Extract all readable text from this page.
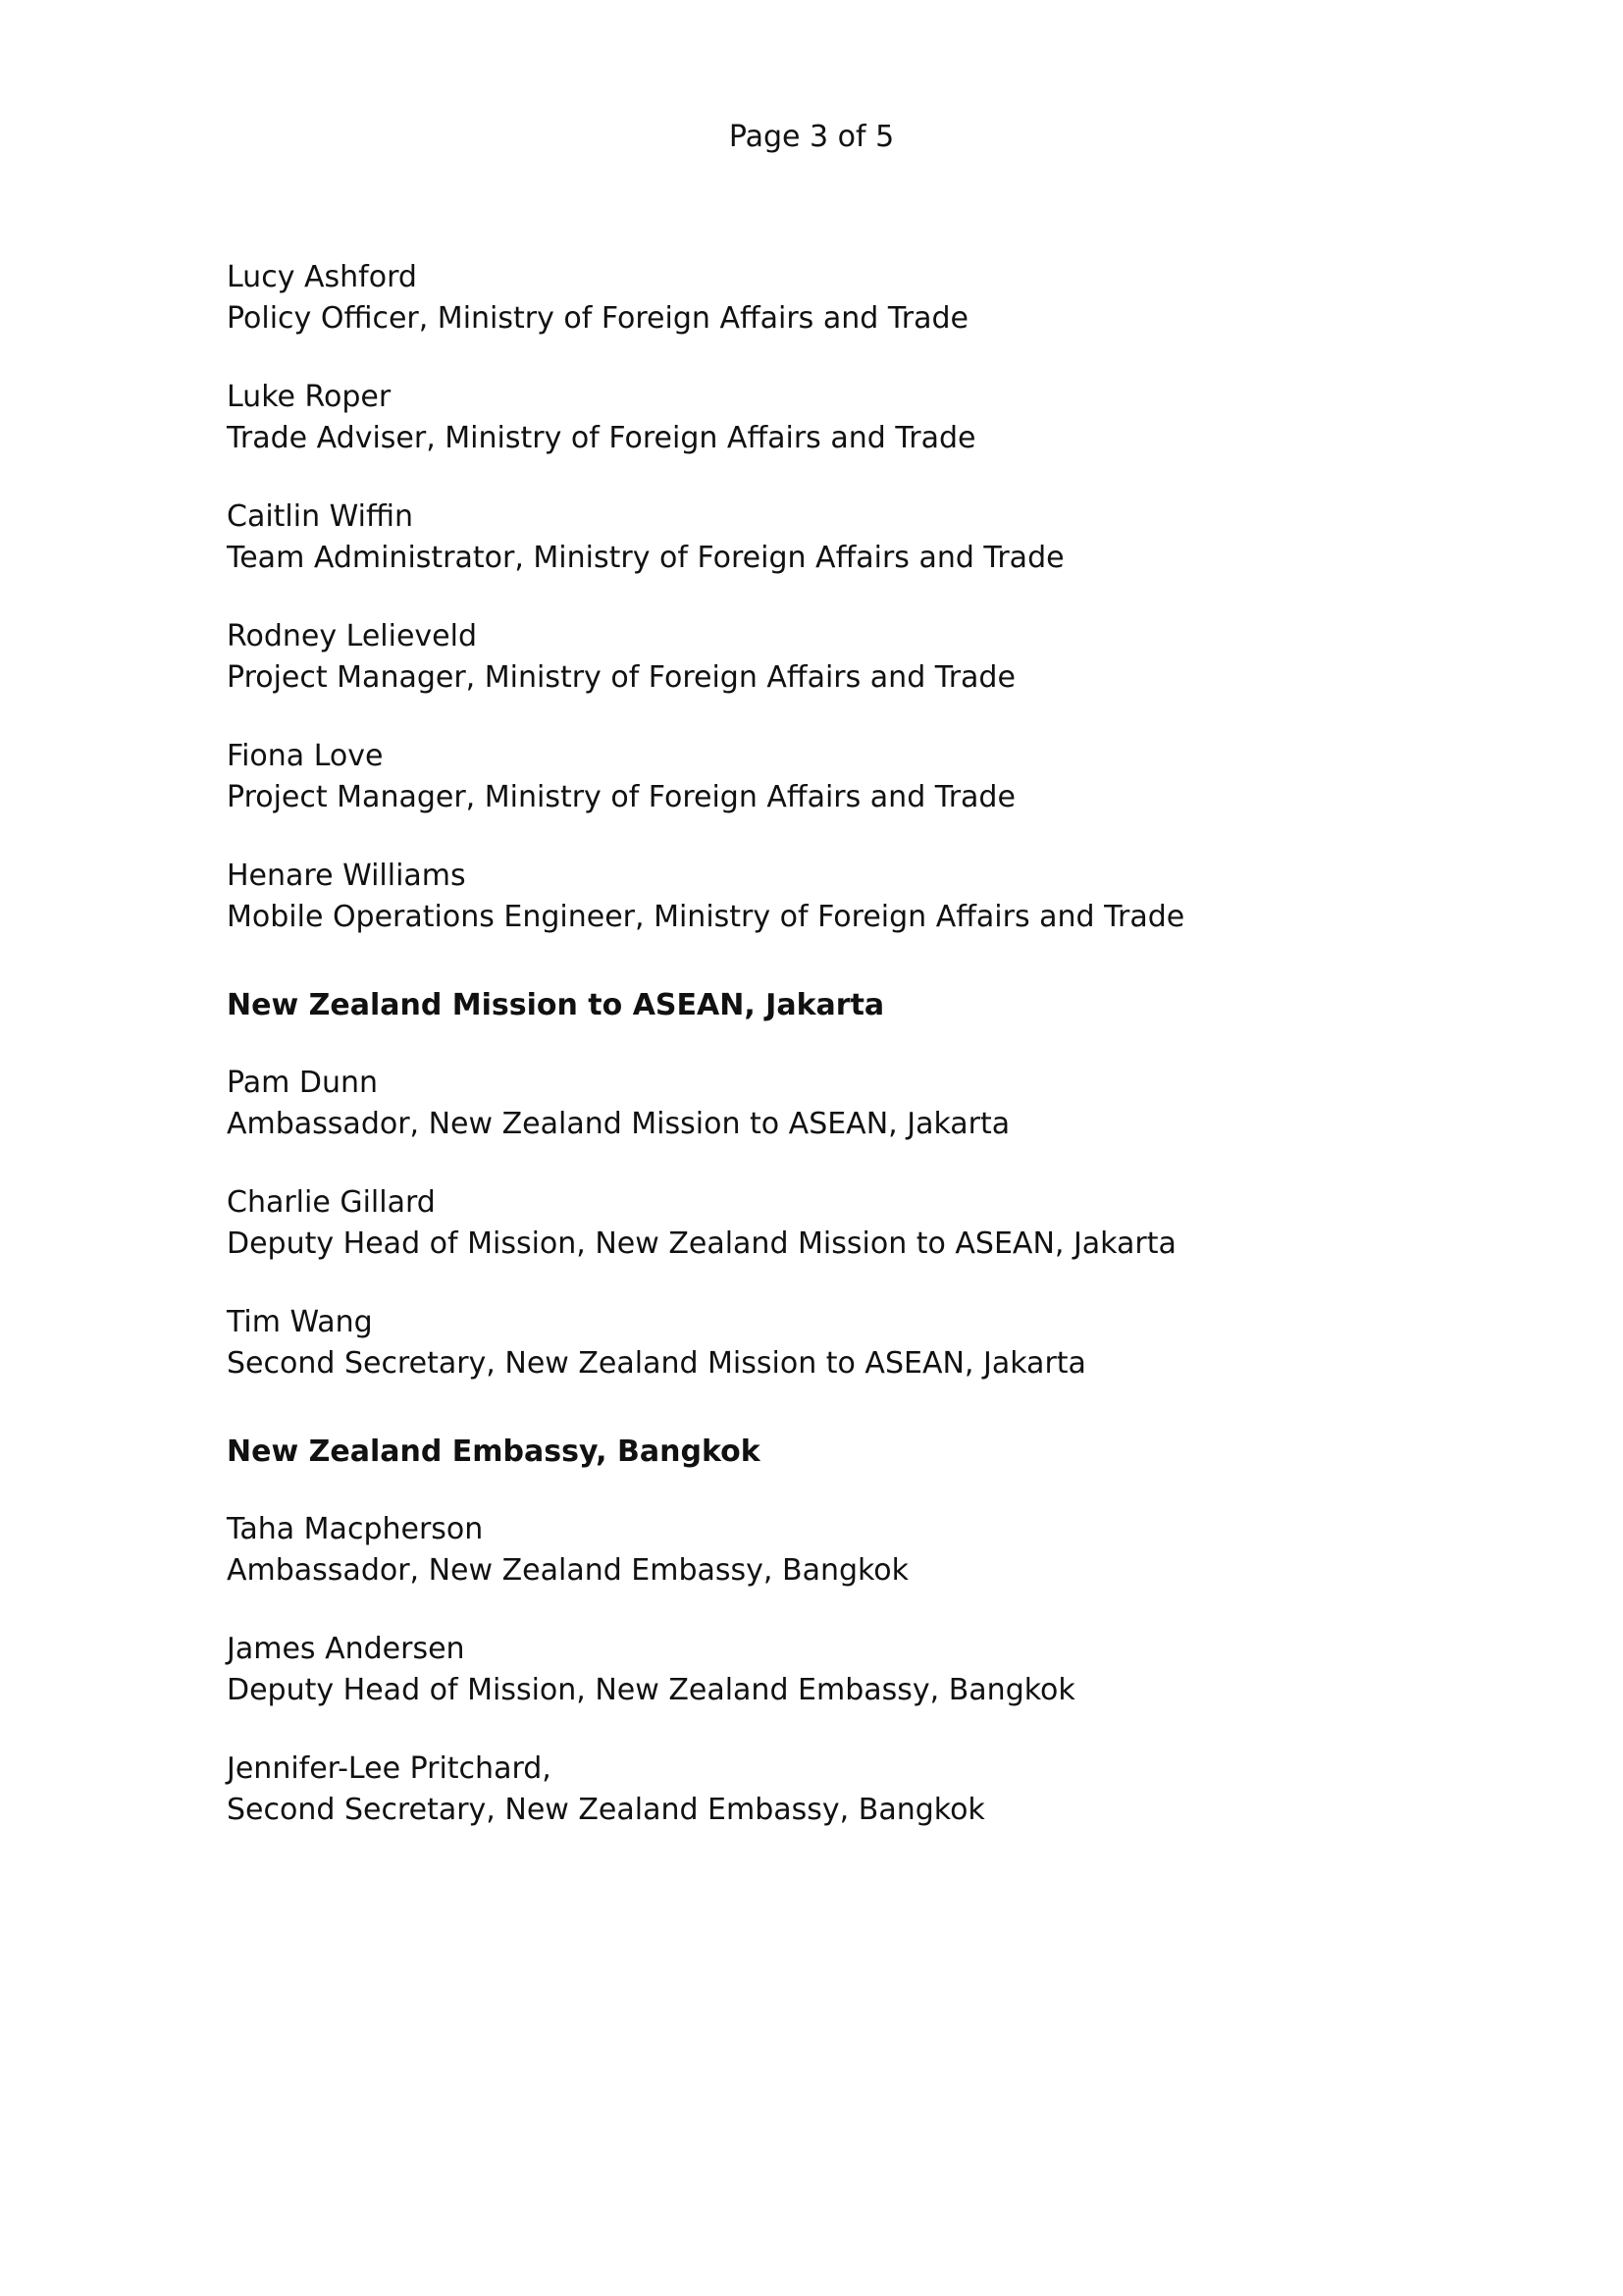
Page 3 of 5
Lucy Ashford
Policy Officer, Ministry of Foreign Affairs and Trade
Luke Roper
Trade Adviser, Ministry of Foreign Affairs and Trade
Caitlin Wiffin
Team Administrator, Ministry of Foreign Affairs and Trade
Rodney Lelieveld
Project Manager, Ministry of Foreign Affairs and Trade
Fiona Love
Project Manager, Ministry of Foreign Affairs and Trade
Henare Williams
Mobile Operations Engineer, Ministry of Foreign Affairs and Trade
New Zealand Mission to ASEAN, Jakarta
Pam Dunn
Ambassador, New Zealand Mission to ASEAN, Jakarta
Charlie Gillard
Deputy Head of Mission, New Zealand Mission to ASEAN, Jakarta
Tim Wang
Second Secretary, New Zealand Mission to ASEAN, Jakarta
New Zealand Embassy, Bangkok
Taha Macpherson
Ambassador, New Zealand Embassy, Bangkok
James Andersen
Deputy Head of Mission, New Zealand Embassy, Bangkok
Jennifer-Lee Pritchard,
Second Secretary, New Zealand Embassy, Bangkok
